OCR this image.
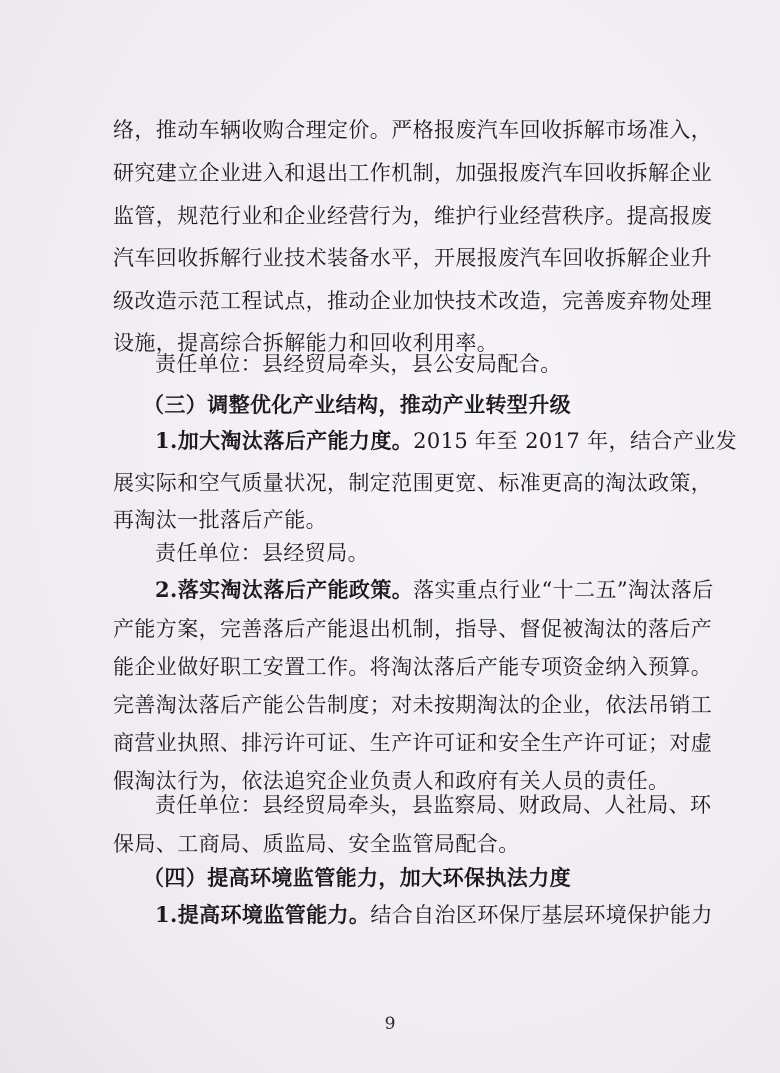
络，推动车辆收购合理定价。严格报废汽车回收拆解市场准入，
研究建立企业进入和退出工作机制，加强报废汽车回收拆解企业
监管，规范行业和企业经营行为，维护行业经营秩序。提高报废
汽车回收拆解行业技术装备水平，开展报废汽车回收拆解企业升
级改造示范工程试点，推动企业加快技术改造，完善废弃物处理
设施，提高综合拆解能力和回收利用率。
责任单位：县经贸局牵头，县公安局配合。
（三）调整优化产业结构，推动产业转型升级
1.加大淘汰落后产能力度。2015 年至 2017 年，结合产业发
展实际和空气质量状况，制定范围更宽、标准更高的淘汰政策，
再淘汰一批落后产能。
责任单位：县经贸局。
2.落实淘汰落后产能政策。落实重点行业“十二五”淘汰落后
产能方案，完善落后产能退出机制，指导、督促被淘汰的落后产
能企业做好职工安置工作。将淘汰落后产能专项资金纳入预算。
完善淘汰落后产能公告制度；对未按期淘汰的企业，依法吊销工
商营业执照、排污许可证、生产许可证和安全生产许可证；对虚
假淘汰行为，依法追究企业负责人和政府有关人员的责任。
责任单位：县经贸局牵头，县监察局、财政局、人社局、环
保局、工商局、质监局、安全监管局配合。
（四）提高环境监管能力，加大环保执法力度
1.提高环境监管能力。结合自治区环保厅基层环境保护能力
9
